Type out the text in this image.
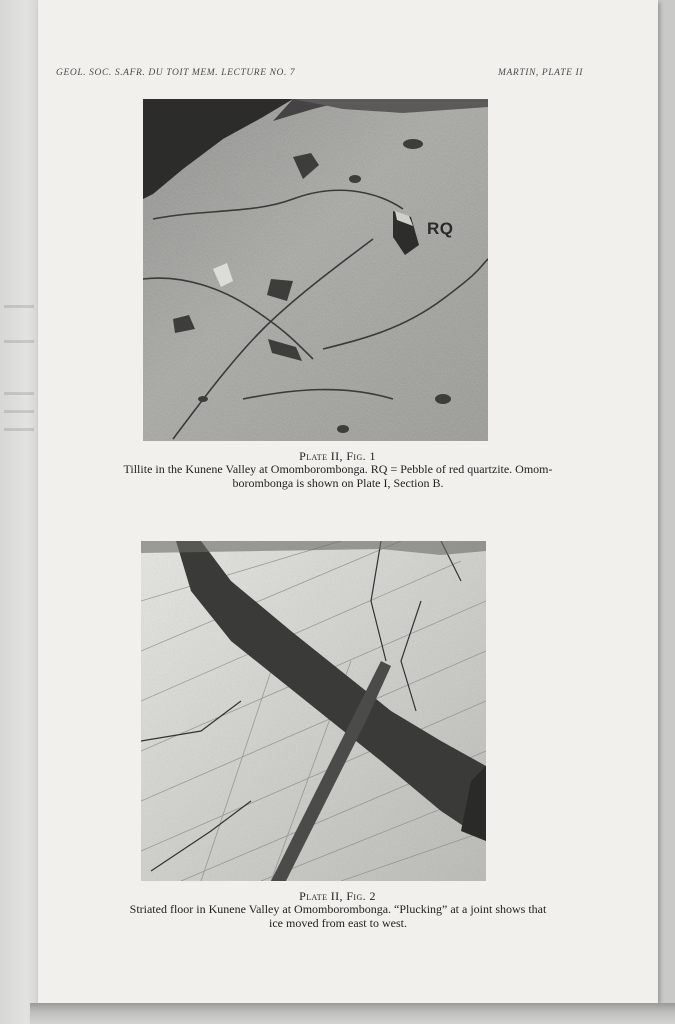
GEOL. SOC. S.AFR. DU TOIT MEM. LECTURE NO. 7	MARTIN, PLATE II
RQ
Plate II, Fig. 1
Tillite in the Kunene Valley at Omomborombonga. RQ = Pebble of red quartzite. Omom-
borombonga is shown on Plate I, Section B.
Plate II, Fig. 2
Striated floor in Kunene Valley at Omomborombonga. “Plucking” at a joint shows that
ice moved from east to west.
